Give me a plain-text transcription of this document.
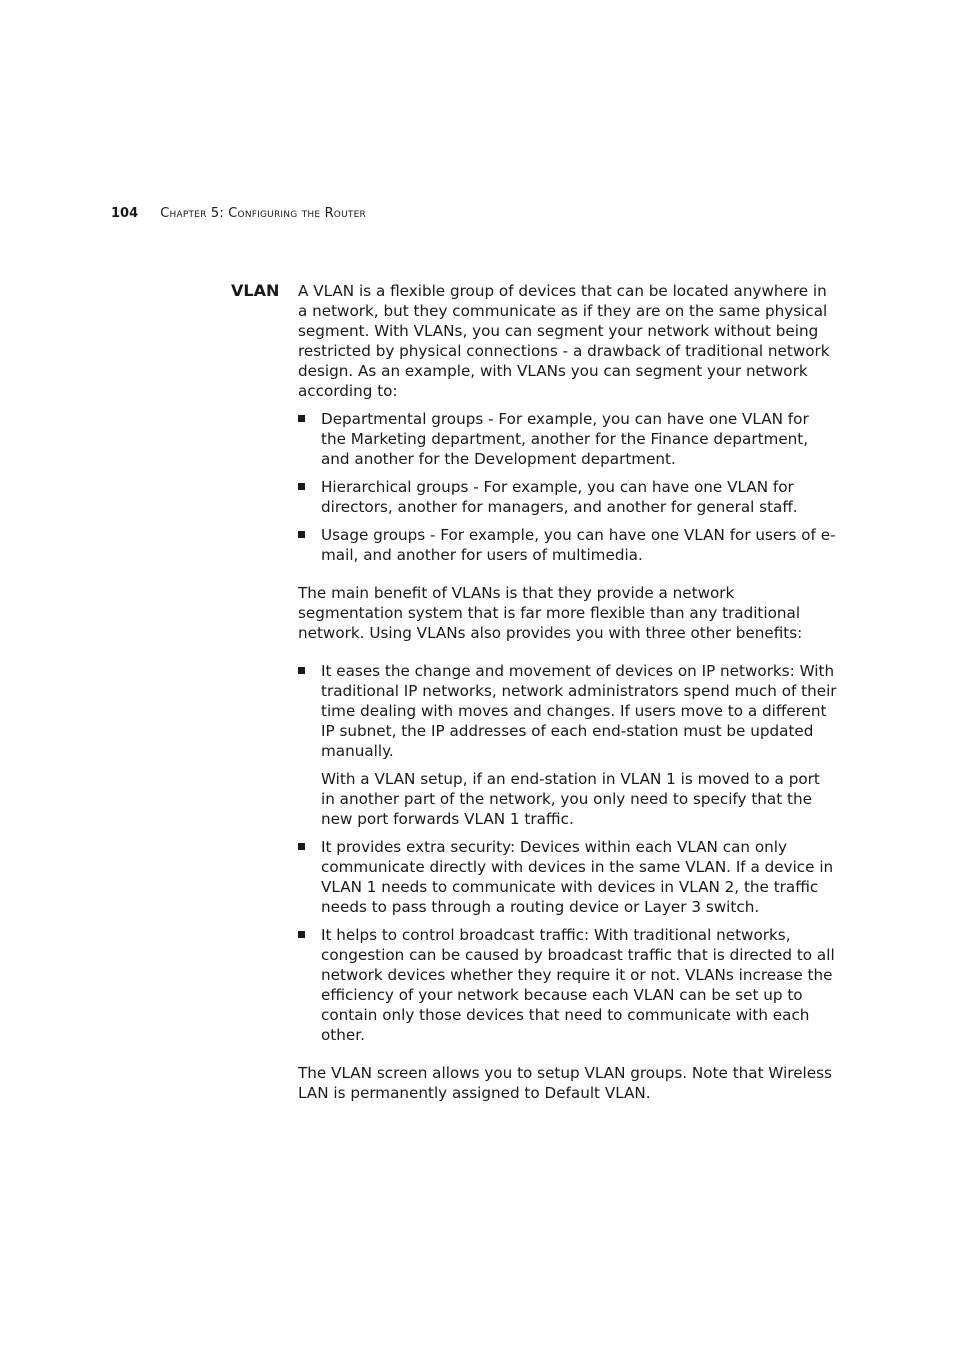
104 Chapter 5: Configuring the Router
VLAN A VLAN is a flexible group of devices that can be located anywhere in a network, but they communicate as if they are on the same physical segment. With VLANs, you can segment your network without being restricted by physical connections - a drawback of traditional network design. As an example, with VLANs you can segment your network according to:

Departmental groups - For example, you can have one VLAN for the Marketing department, another for the Finance department, and another for the Development department.
Hierarchical groups - For example, you can have one VLAN for directors, another for managers, and another for general staff.
Usage groups - For example, you can have one VLAN for users of e-mail, and another for users of multimedia.

The main benefit of VLANs is that they provide a network segmentation system that is far more flexible than any traditional network. Using VLANs also provides you with three other benefits:

It eases the change and movement of devices on IP networks: With traditional IP networks, network administrators spend much of their time dealing with moves and changes. If users move to a different IP subnet, the IP addresses of each end-station must be updated manually.

With a VLAN setup, if an end-station in VLAN 1 is moved to a port in another part of the network, you only need to specify that the new port forwards VLAN 1 traffic.

It provides extra security: Devices within each VLAN can only communicate directly with devices in the same VLAN. If a device in VLAN 1 needs to communicate with devices in VLAN 2, the traffic needs to pass through a routing device or Layer 3 switch.
It helps to control broadcast traffic: With traditional networks, congestion can be caused by broadcast traffic that is directed to all network devices whether they require it or not. VLANs increase the efficiency of your network because each VLAN can be set up to contain only those devices that need to communicate with each other.

The VLAN screen allows you to setup VLAN groups. Note that Wireless LAN is permanently assigned to Default VLAN.
